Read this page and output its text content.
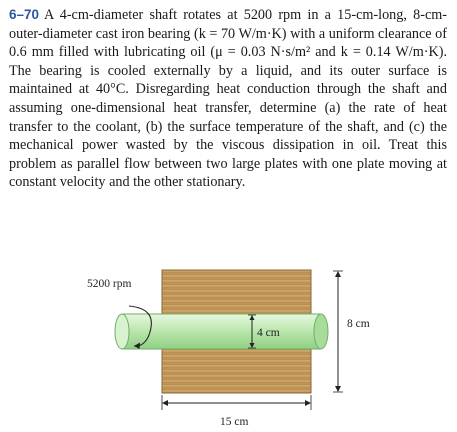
6–70 A 4-cm-diameter shaft rotates at 5200 rpm in a 15-cm-long, 8-cm-outer-diameter cast iron bearing (k = 70 W/m·K) with a uniform clearance of 0.6 mm filled with lubricating oil (μ = 0.03 N·s/m² and k = 0.14 W/m·K). The bearing is cooled externally by a liquid, and its outer surface is maintained at 40°C. Disregarding heat conduction through the shaft and assuming one-dimensional heat transfer, determine (a) the rate of heat transfer to the coolant, (b) the surface temperature of the shaft, and (c) the mechanical power wasted by the viscous dissipation in oil. Treat this problem as parallel flow between two large plates with one plate moving at constant velocity and the other stationary.

5200 rpm
4 cm
8 cm
15 cm
